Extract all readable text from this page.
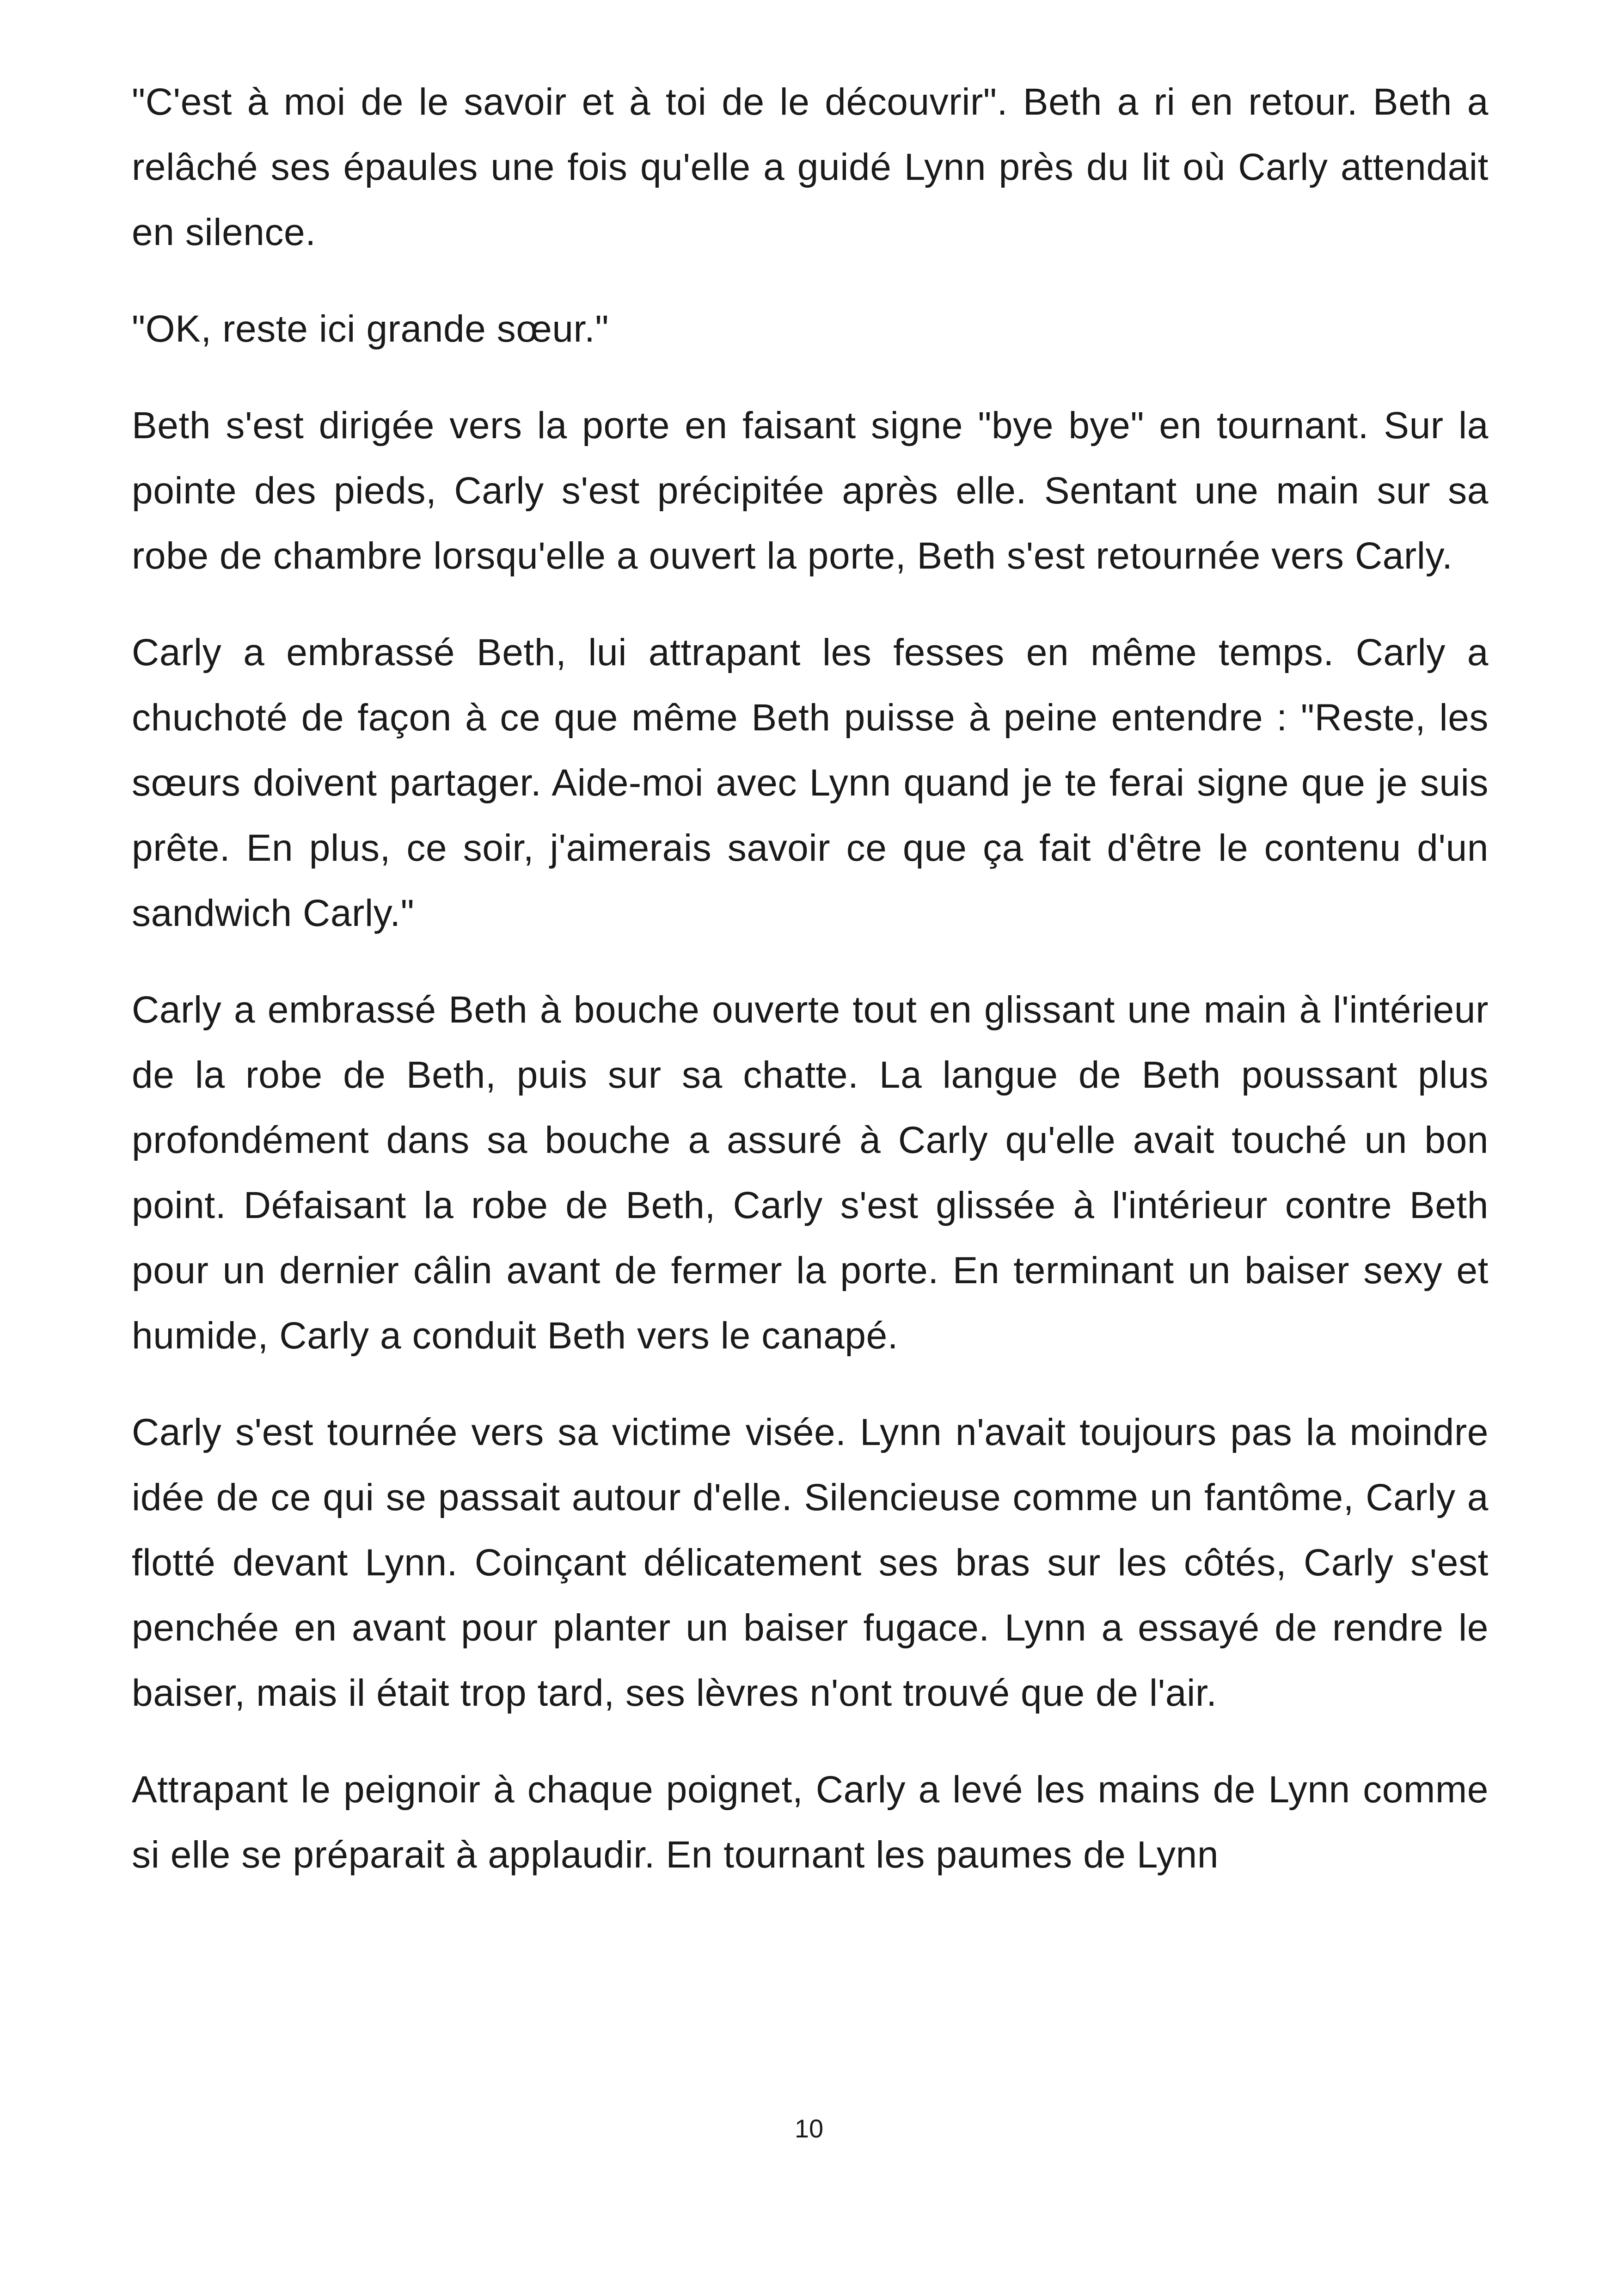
"C'est à moi de le savoir et à toi de le découvrir". Beth a ri en retour. Beth a relâché ses épaules une fois qu'elle a guidé Lynn près du lit où Carly attendait en silence.

"OK, reste ici grande sœur."

Beth s'est dirigée vers la porte en faisant signe "bye bye" en tournant. Sur la pointe des pieds, Carly s'est précipitée après elle. Sentant une main sur sa robe de chambre lorsqu'elle a ouvert la porte, Beth s'est retournée vers Carly.

Carly a embrassé Beth, lui attrapant les fesses en même temps. Carly a chuchoté de façon à ce que même Beth puisse à peine entendre : "Reste, les sœurs doivent partager. Aide-moi avec Lynn quand je te ferai signe que je suis prête. En plus, ce soir, j'aimerais savoir ce que ça fait d'être le contenu d'un sandwich Carly."

Carly a embrassé Beth à bouche ouverte tout en glissant une main à l'intérieur de la robe de Beth, puis sur sa chatte. La langue de Beth poussant plus profondément dans sa bouche a assuré à Carly qu'elle avait touché un bon point. Défaisant la robe de Beth, Carly s'est glissée à l'intérieur contre Beth pour un dernier câlin avant de fermer la porte. En terminant un baiser sexy et humide, Carly a conduit Beth vers le canapé.

Carly s'est tournée vers sa victime visée. Lynn n'avait toujours pas la moindre idée de ce qui se passait autour d'elle. Silencieuse comme un fantôme, Carly a flotté devant Lynn. Coinçant délicatement ses bras sur les côtés, Carly s'est penchée en avant pour planter un baiser fugace. Lynn a essayé de rendre le baiser, mais il était trop tard, ses lèvres n'ont trouvé que de l'air.

Attrapant le peignoir à chaque poignet, Carly a levé les mains de Lynn comme si elle se préparait à applaudir. En tournant les paumes de Lynn

10
